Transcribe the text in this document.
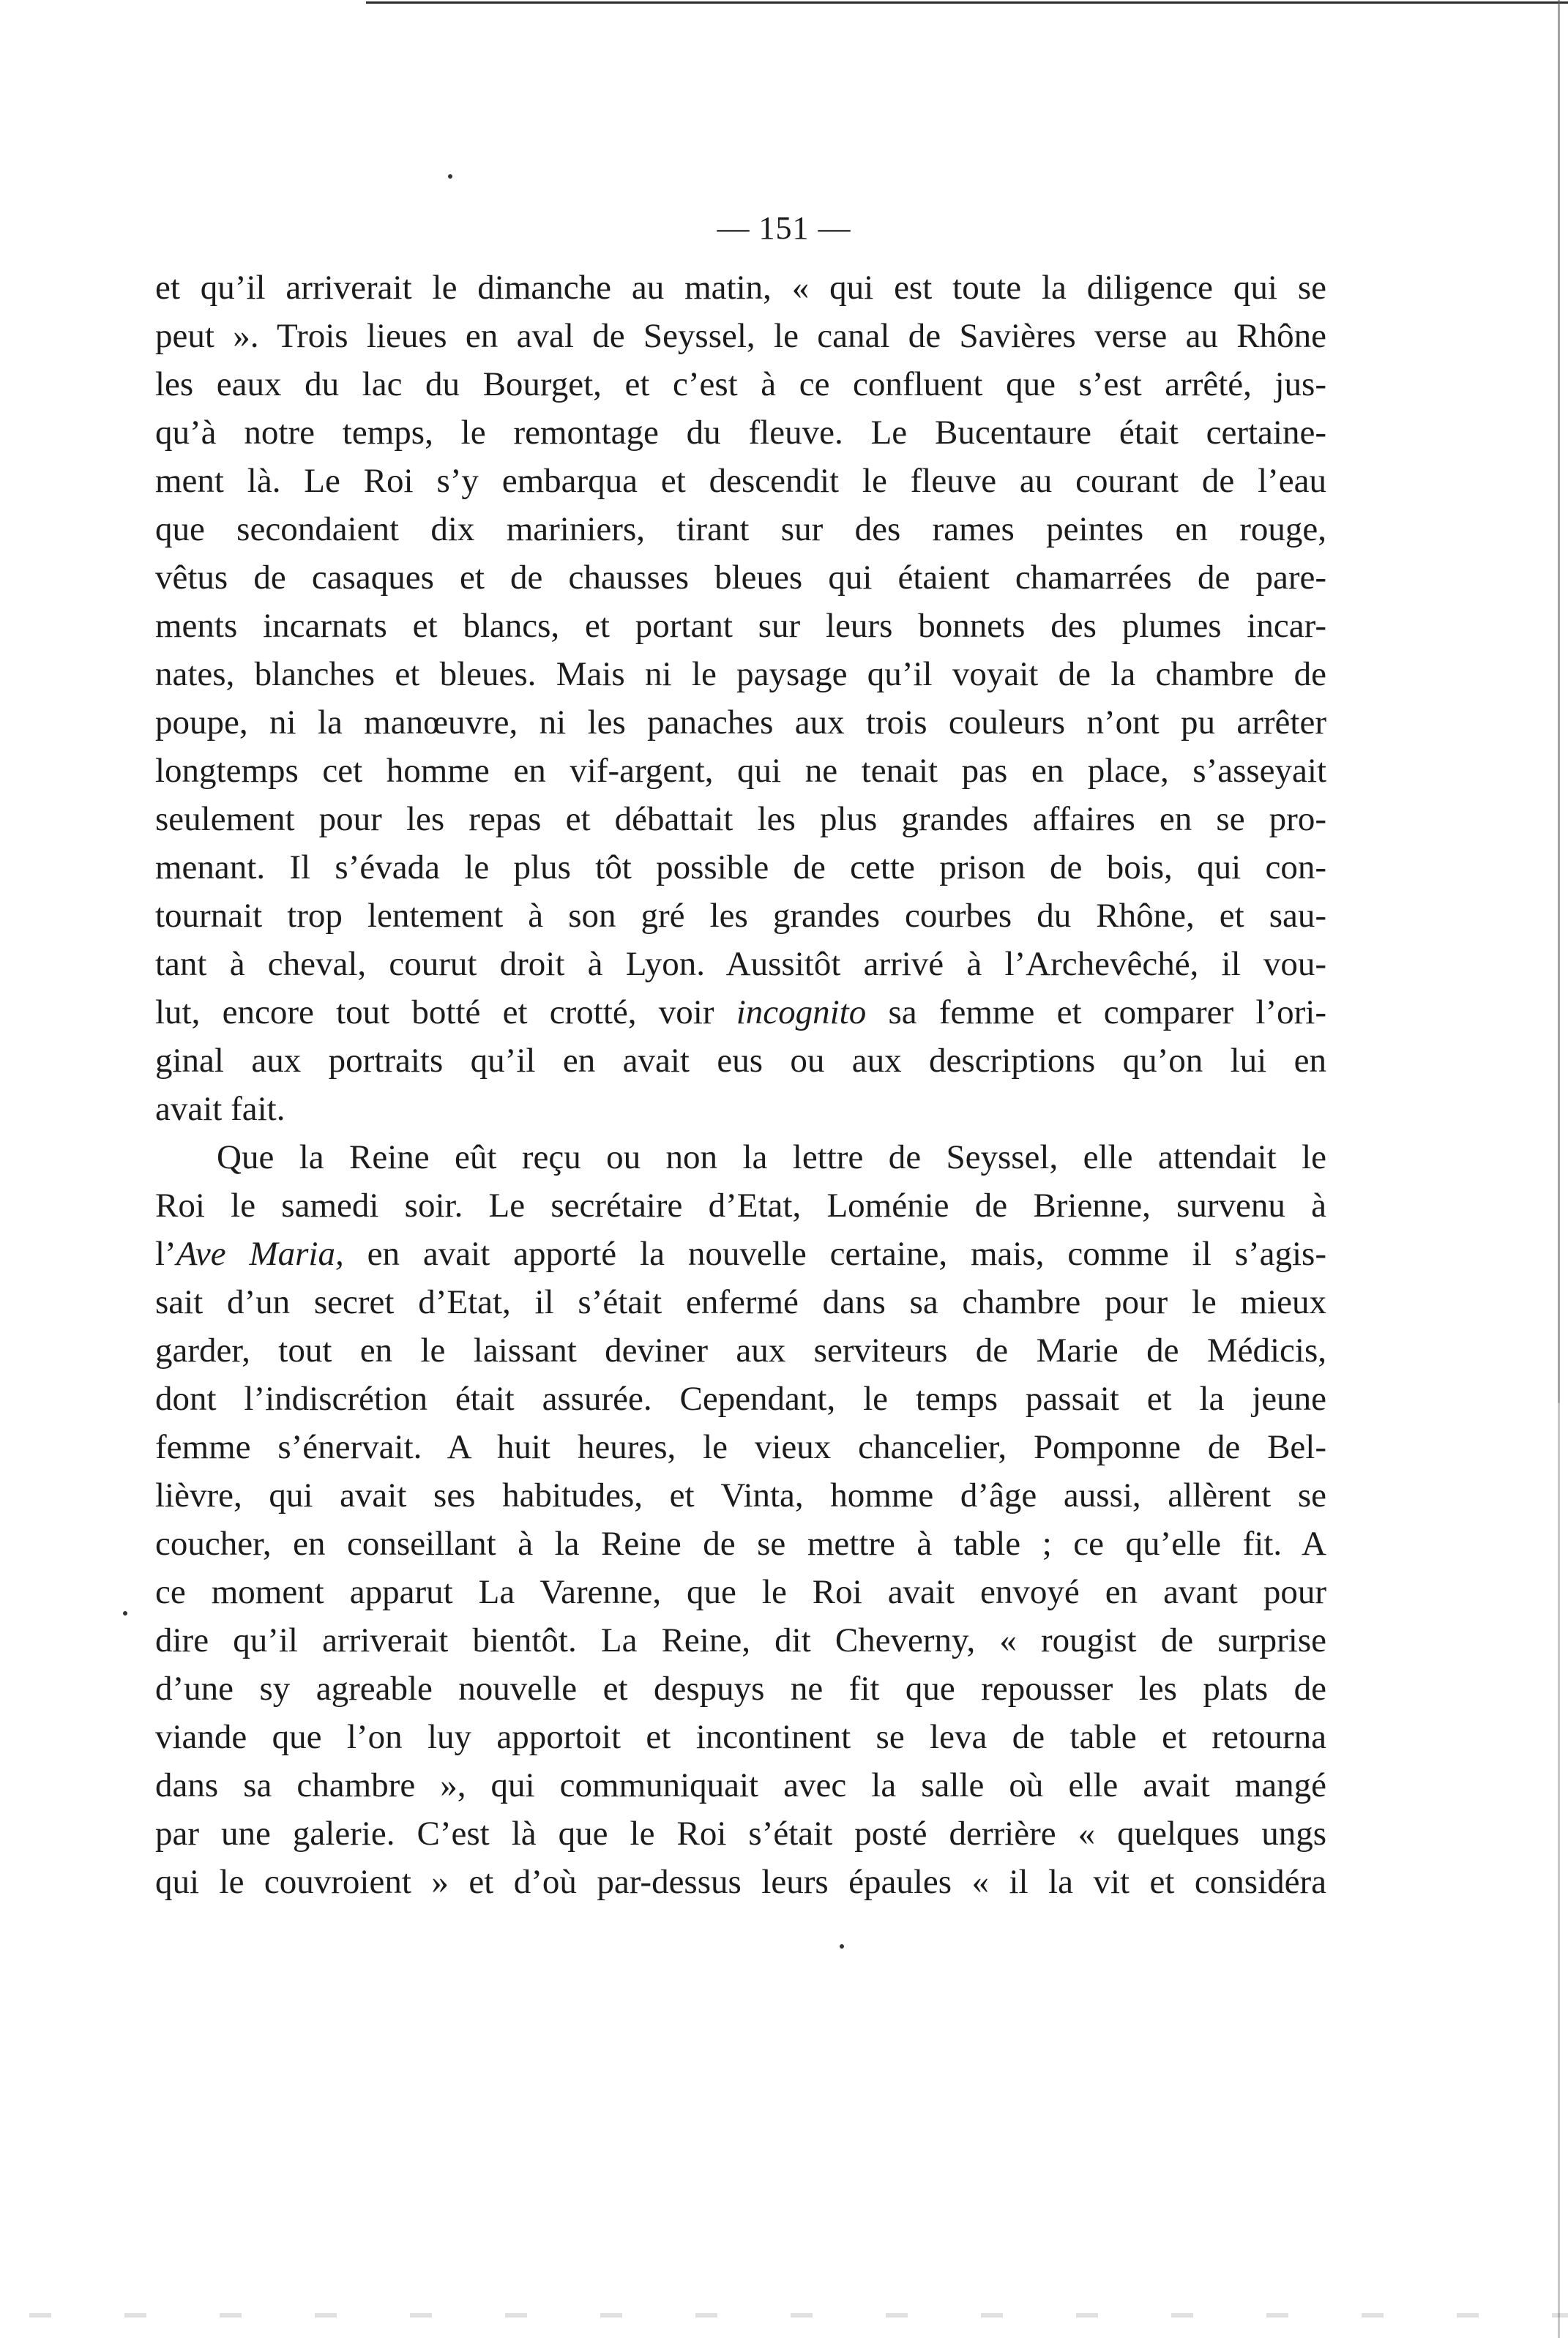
— 151 —
et qu’il arriverait le dimanche au matin, « qui est toute la diligence qui se
peut ». Trois lieues en aval de Seyssel, le canal de Savières verse au Rhône
les eaux du lac du Bourget, et c’est à ce confluent que s’est arrêté, jus-
qu’à notre temps, le remontage du fleuve. Le Bucentaure était certaine-
ment là. Le Roi s’y embarqua et descendit le fleuve au courant de l’eau
que secondaient dix mariniers, tirant sur des rames peintes en rouge,
vêtus de casaques et de chausses bleues qui étaient chamarrées de pare-
ments incarnats et blancs, et portant sur leurs bonnets des plumes incar-
nates, blanches et bleues. Mais ni le paysage qu’il voyait de la chambre de
poupe, ni la manœuvre, ni les panaches aux trois couleurs n’ont pu arrêter
longtemps cet homme en vif-argent, qui ne tenait pas en place, s’asseyait
seulement pour les repas et débattait les plus grandes affaires en se pro-
menant. Il s’évada le plus tôt possible de cette prison de bois, qui con-
tournait trop lentement à son gré les grandes courbes du Rhône, et sau-
tant à cheval, courut droit à Lyon. Aussitôt arrivé à l’Archevêché, il vou-
lut, encore tout botté et crotté, voir incognito sa femme et comparer l’ori-
ginal aux portraits qu’il en avait eus ou aux descriptions qu’on lui en
avait fait.
Que la Reine eût reçu ou non la lettre de Seyssel, elle attendait le
Roi le samedi soir. Le secrétaire d’Etat, Loménie de Brienne, survenu à
l’Ave Maria, en avait apporté la nouvelle certaine, mais, comme il s’agis-
sait d’un secret d’Etat, il s’était enfermé dans sa chambre pour le mieux
garder, tout en le laissant deviner aux serviteurs de Marie de Médicis,
dont l’indiscrétion était assurée. Cependant, le temps passait et la jeune
femme s’énervait. A huit heures, le vieux chancelier, Pomponne de Bel-
lièvre, qui avait ses habitudes, et Vinta, homme d’âge aussi, allèrent se
coucher, en conseillant à la Reine de se mettre à table ; ce qu’elle fit. A
ce moment apparut La Varenne, que le Roi avait envoyé en avant pour
dire qu’il arriverait bientôt. La Reine, dit Cheverny, « rougist de surprise
d’une sy agreable nouvelle et despuys ne fit que repousser les plats de
viande que l’on luy apportoit et incontinent se leva de table et retourna
dans sa chambre », qui communiquait avec la salle où elle avait mangé
par une galerie. C’est là que le Roi s’était posté derrière « quelques ungs
qui le couvroient » et d’où par-dessus leurs épaules « il la vit et considéra
